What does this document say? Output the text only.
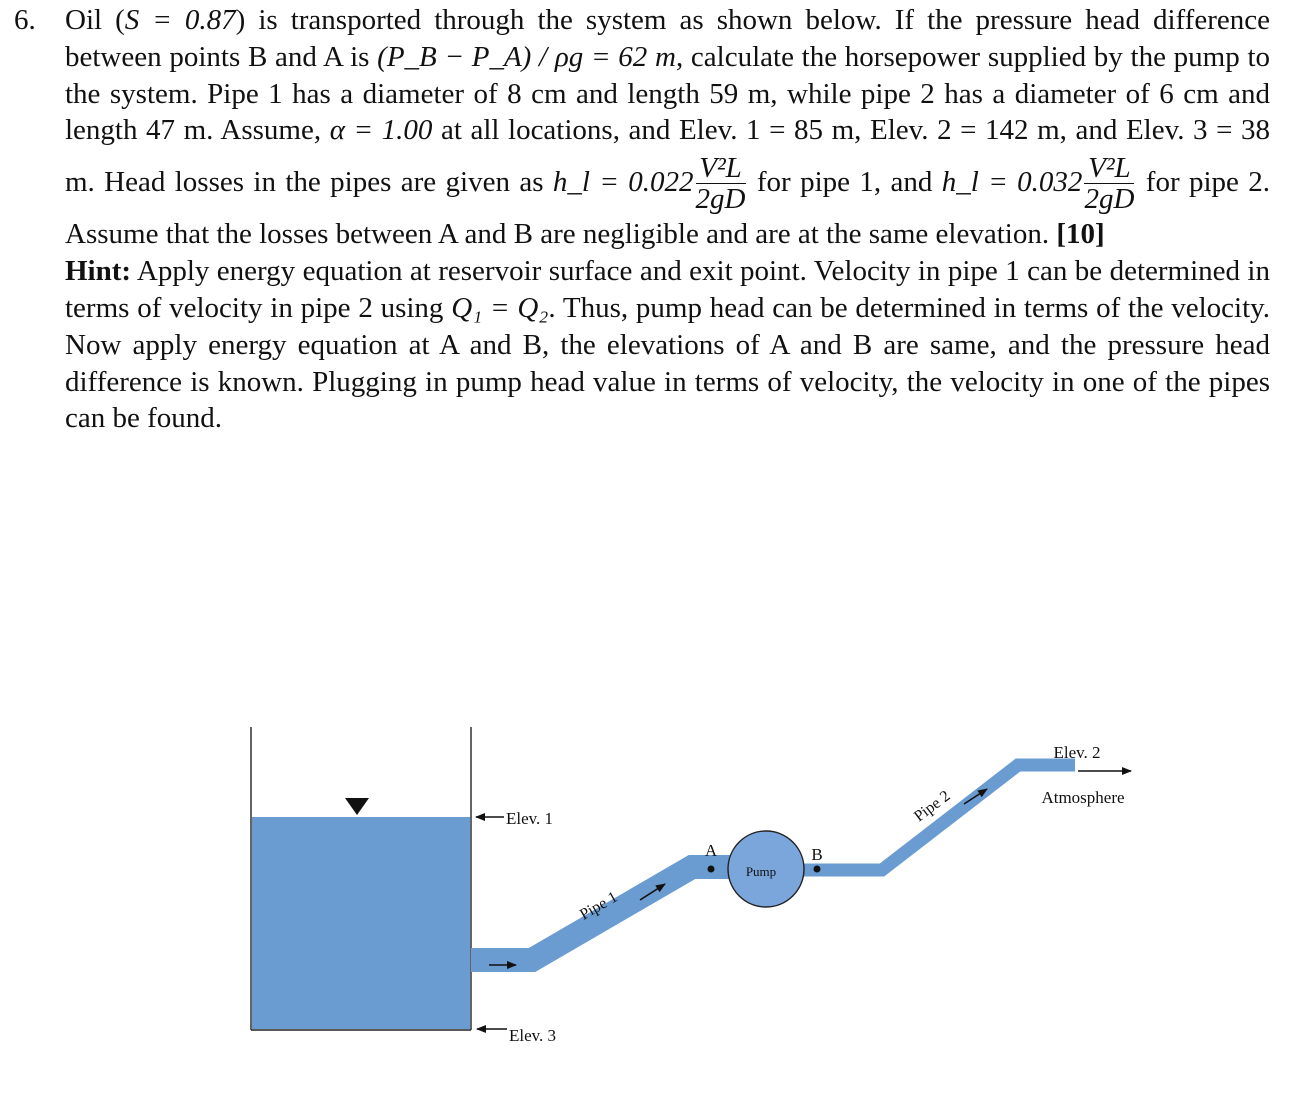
6. Oil (S = 0.87) is transported through the system as shown below. If the pressure head difference between points B and A is (P_B − P_A) / ρg = 62 m, calculate the horsepower supplied by the pump to the system. Pipe 1 has a diameter of 8 cm and length 59 m, while pipe 2 has a diameter of 6 cm and length 47 m. Assume, α = 1.00 at all locations, and Elev. 1 = 85 m, Elev. 2 = 142 m, and Elev. 3 = 38 m. Head losses in the pipes are given as h_l = $0.022 \frac{\text{V²L}}{2gD}$ for pipe 1, and h_l = $0.032 \frac{\text{V²L}}{2gD}$ for pipe 2. Assume that the losses between A and B are negligible and are at the same elevation. [10]

Hint: Apply energy equation at reservoir surface and exit point. Velocity in pipe 1 can be determined in terms of velocity in pipe 2 using Q₁ = Q₂. Thus, pump head can be determined in terms of the velocity. Now apply energy equation at A and B, the elevations of A and B are same, and the pressure head difference is known. Plugging in pump head value in terms of velocity, the velocity in one of the pipes can be found.

Pump
A	B
Pipe 1
Pipe 2
Elev. 1
Elev. 3
Elev. 2
Atmosphere
